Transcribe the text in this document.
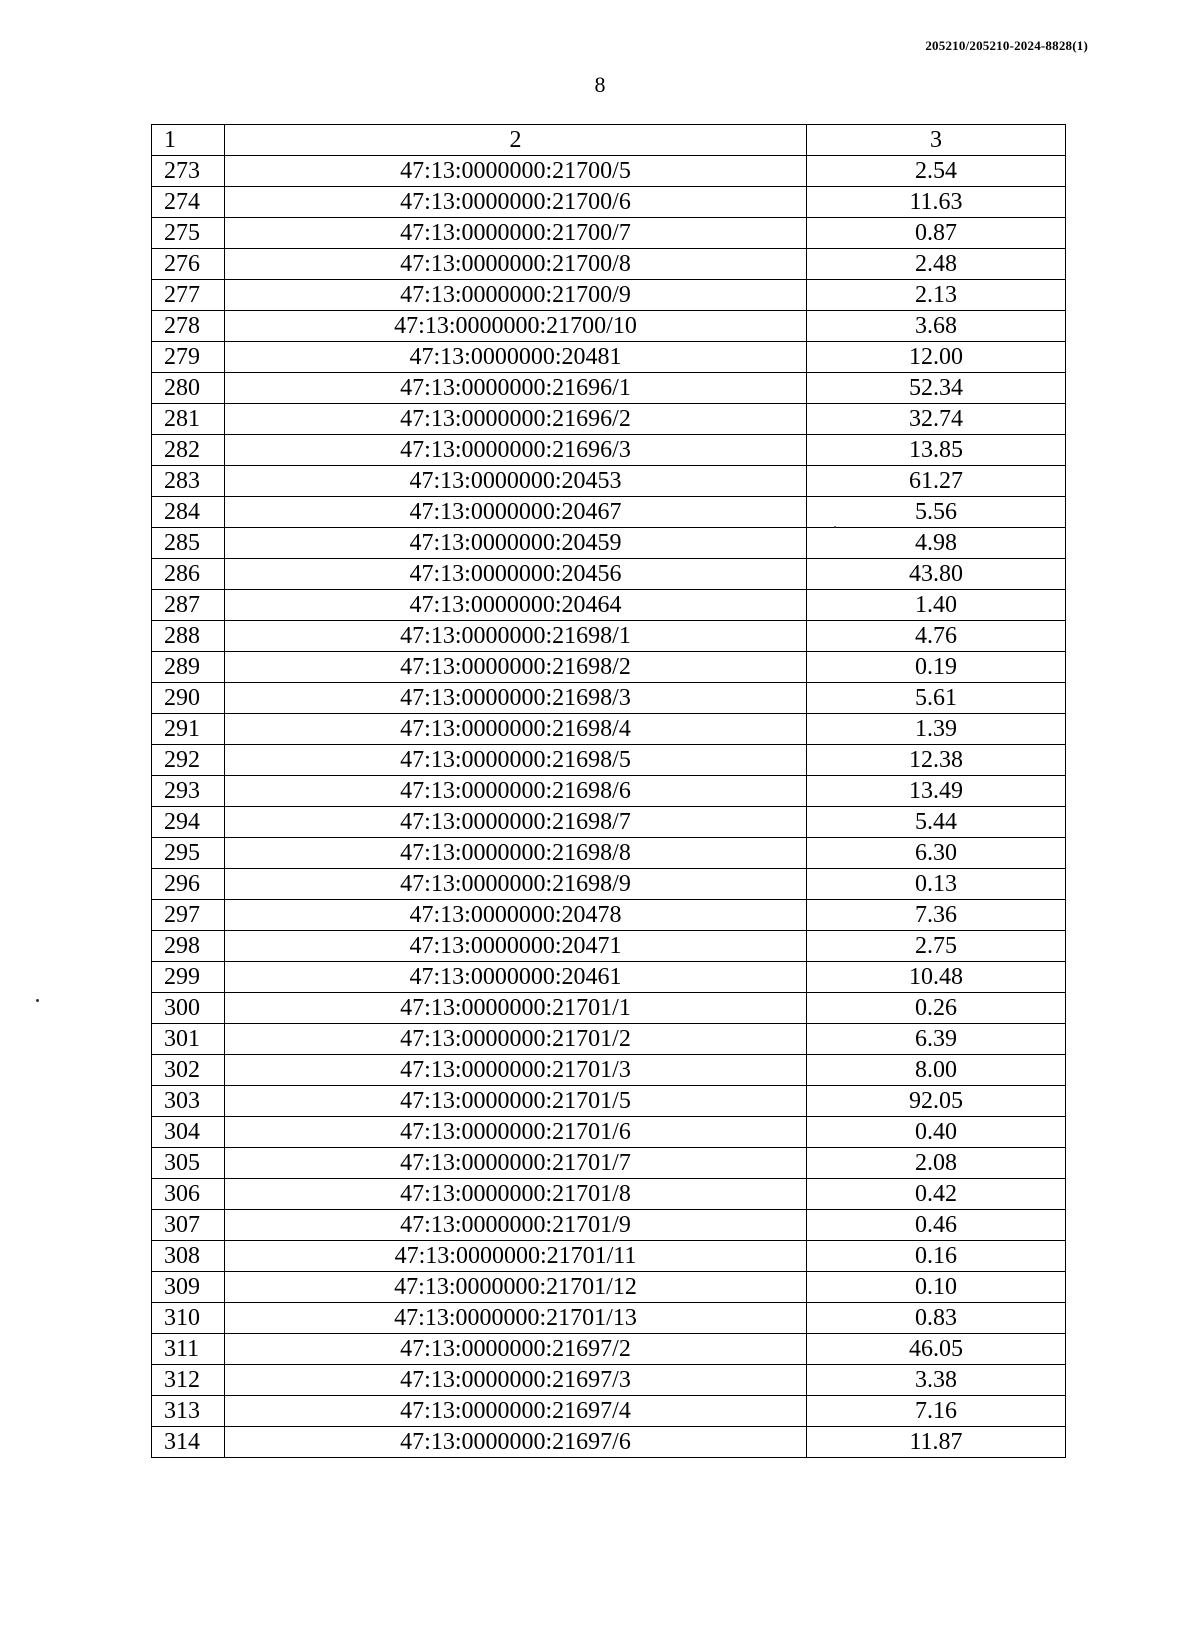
205210/205210-2024-8828(1)
8
1	2	3
273	47:13:0000000:21700/5	2.54
274	47:13:0000000:21700/6	11.63
275	47:13:0000000:21700/7	0.87
276	47:13:0000000:21700/8	2.48
277	47:13:0000000:21700/9	2.13
278	47:13:0000000:21700/10	3.68
279	47:13:0000000:20481	12.00
280	47:13:0000000:21696/1	52.34
281	47:13:0000000:21696/2	32.74
282	47:13:0000000:21696/3	13.85
283	47:13:0000000:20453	61.27
284	47:13:0000000:20467	5.56
285	47:13:0000000:20459	4.98
286	47:13:0000000:20456	43.80
287	47:13:0000000:20464	1.40
288	47:13:0000000:21698/1	4.76
289	47:13:0000000:21698/2	0.19
290	47:13:0000000:21698/3	5.61
291	47:13:0000000:21698/4	1.39
292	47:13:0000000:21698/5	12.38
293	47:13:0000000:21698/6	13.49
294	47:13:0000000:21698/7	5.44
295	47:13:0000000:21698/8	6.30
296	47:13:0000000:21698/9	0.13
297	47:13:0000000:20478	7.36
298	47:13:0000000:20471	2.75
299	47:13:0000000:20461	10.48
300	47:13:0000000:21701/1	0.26
301	47:13:0000000:21701/2	6.39
302	47:13:0000000:21701/3	8.00
303	47:13:0000000:21701/5	92.05
304	47:13:0000000:21701/6	0.40
305	47:13:0000000:21701/7	2.08
306	47:13:0000000:21701/8	0.42
307	47:13:0000000:21701/9	0.46
308	47:13:0000000:21701/11	0.16
309	47:13:0000000:21701/12	0.10
310	47:13:0000000:21701/13	0.83
311	47:13:0000000:21697/2	46.05
312	47:13:0000000:21697/3	3.38
313	47:13:0000000:21697/4	7.16
314	47:13:0000000:21697/6	11.87
